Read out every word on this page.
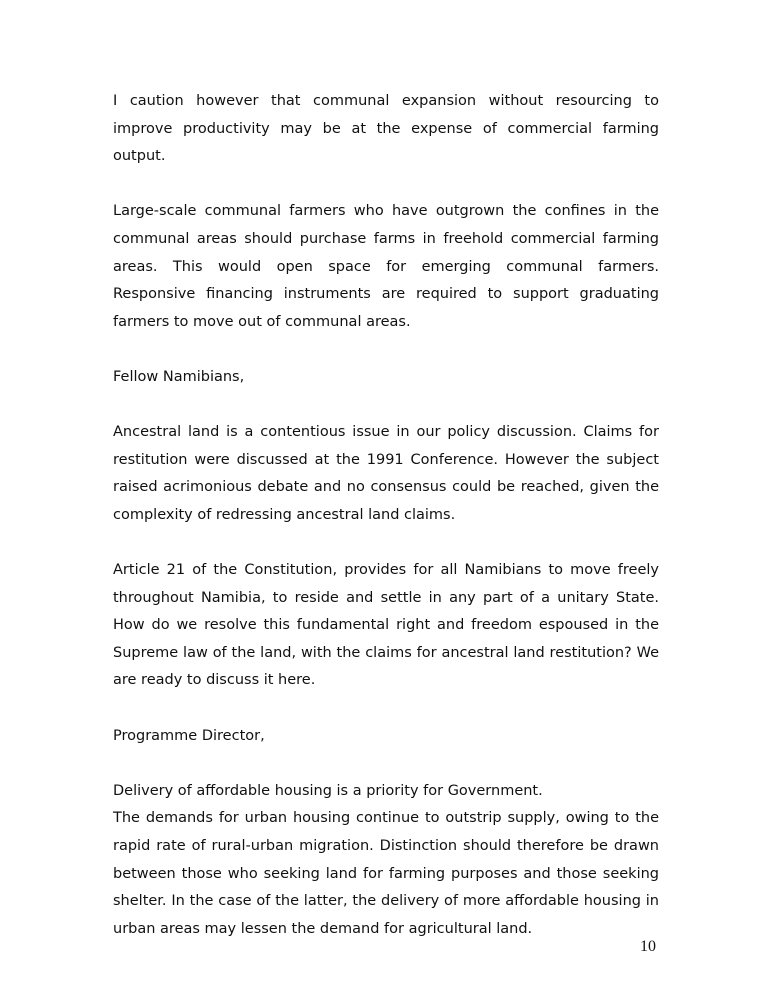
I caution however that communal expansion without resourcing to improve productivity may be at the expense of commercial farming output.

Large-scale communal farmers who have outgrown the confines in the communal areas should purchase farms in freehold commercial farming areas. This would open space for emerging communal farmers. Responsive financing instruments are required to support graduating farmers to move out of communal areas.

Fellow Namibians,

Ancestral land is a contentious issue in our policy discussion. Claims for restitution were discussed at the 1991 Conference. However the subject raised acrimonious debate and no consensus could be reached, given the complexity of redressing ancestral land claims.

Article 21 of the Constitution, provides for all Namibians to move freely throughout Namibia, to reside and settle in any part of a unitary State. How do we resolve this fundamental right and freedom espoused in the Supreme law of the land, with the claims for ancestral land restitution? We are ready to discuss it here.

Programme Director,

Delivery of affordable housing is a priority for Government.

The demands for urban housing continue to outstrip supply, owing to the rapid rate of rural-urban migration. Distinction should therefore be drawn between those who seeking land for farming purposes and those seeking shelter. In the case of the latter, the delivery of more affordable housing in urban areas may lessen the demand for agricultural land.

10
